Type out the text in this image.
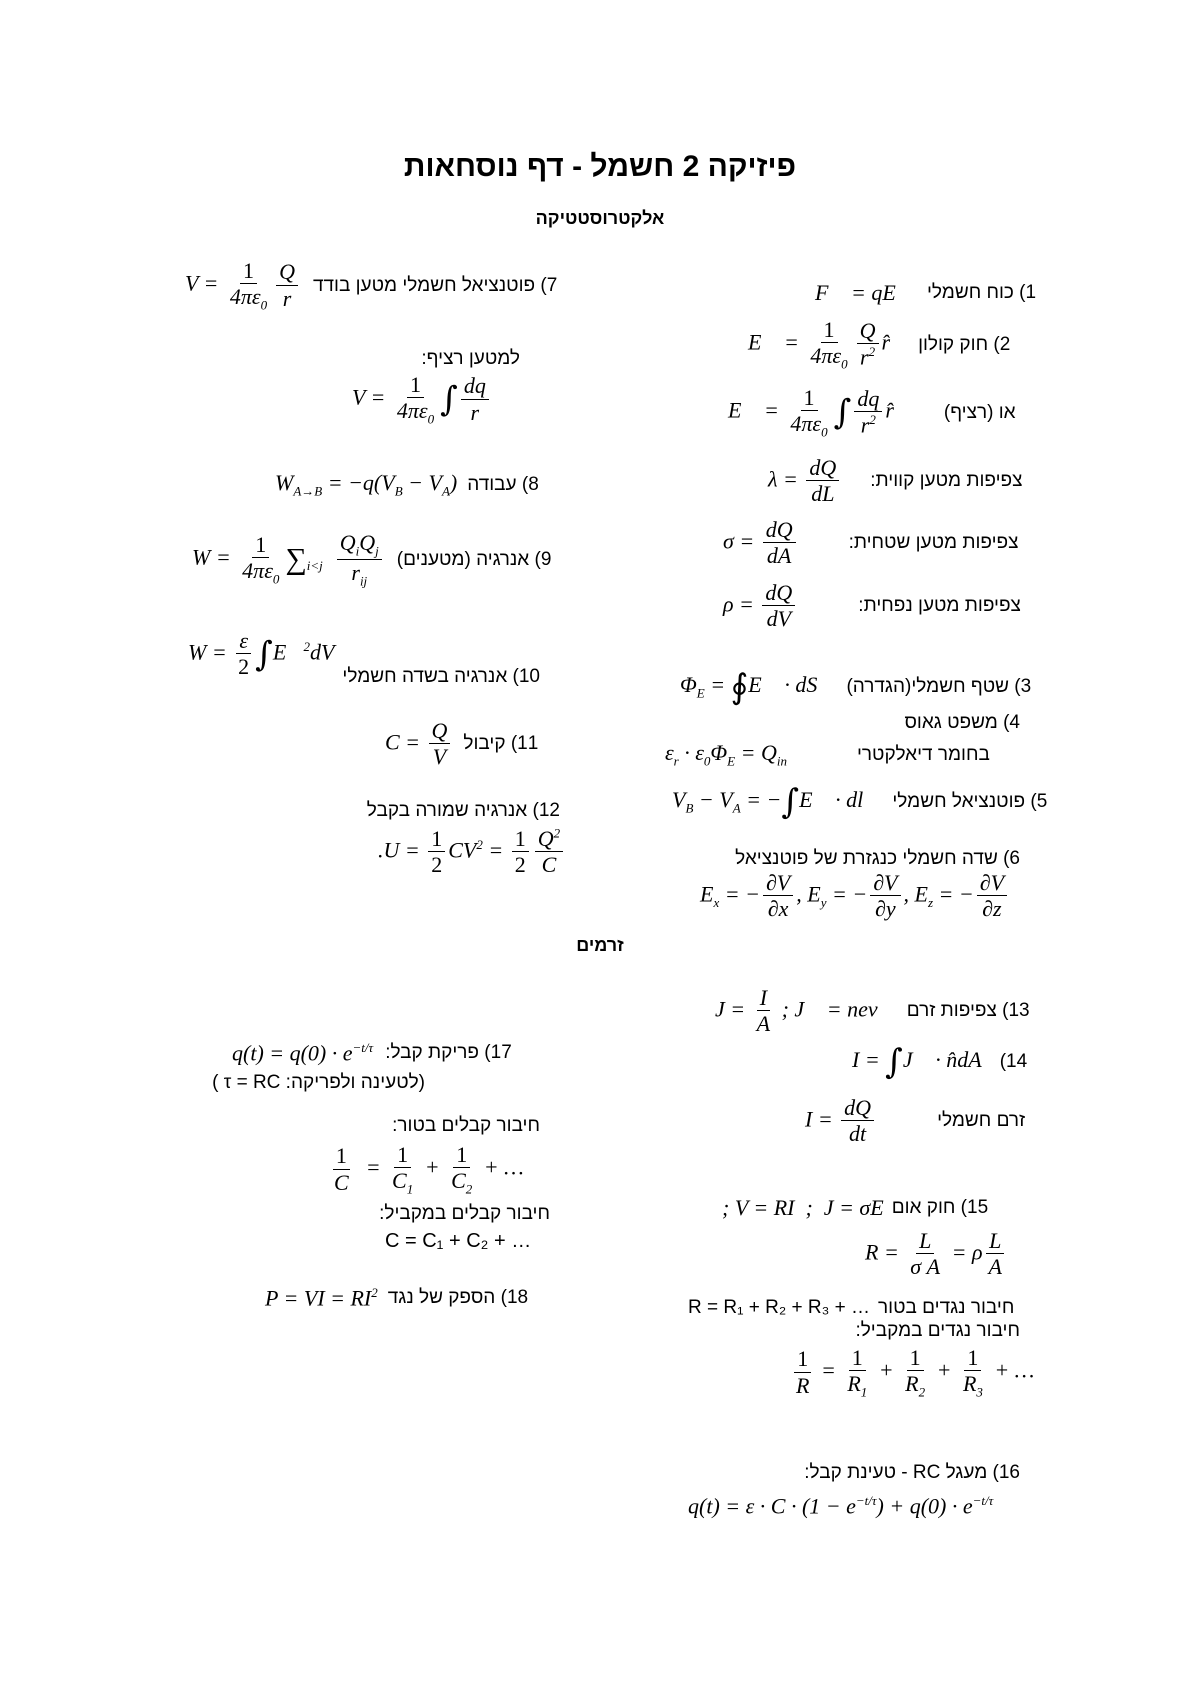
פיזיקה 2 חשמל - דף נוסחאות
אלקטרוסטטיקה
זרמים
F⃗ = qE⃗ 1) כוח חשמלי
E⃗ = $\frac{1}{4\pi\varepsilon_0} \frac{Q}{r^2}$ r̂ 2) חוק קולון
E⃗ = $\frac{1}{4\pi\varepsilon_0}$ ∫ $\frac{dq}{r^2}$ r̂	או (רציף)
$\lambda = \frac{dQ}{dL}$ צפיפות מטען קווית:
$\sigma = \frac{dQ}{dA}$	צפיפות מטען שטחית:
$\rho = \frac{dQ}{dV}$	צפיפות מטען נפחית:
$\Phi_E$ = ∮E⃗ · dS⃗ 3) שטף חשמלי(הגדרה)
4) משפט גאוס
$\varepsilon_r \cdot \varepsilon_0\Phi_E = Q_{in}$	בחומר דיאלקטרי
$V_B - V_A$ = −∫E⃗ · dl⃗ 5) פוטנציאל חשמלי
6) שדה חשמלי כנגזרת של פוטנציאל
$E_x$ = − $\frac{\partial V}{\partial x}$ , $E_y$ = − $\frac{\partial V}{\partial y}$ , $E_z$ = − $\frac{\partial V}{\partial z}$
$J = \frac{I}{A}$ ; J⃗ = nev⃗ 13) צפיפות זרם
I = ∫J⃗ · n̂dA (14
$I = \frac{dQ}{dt}$	זרם חשמלי
; V = RI  ;  J = σE 15) חוק אום
$R = \frac{L}{\text{σ A}} = \rho \frac{L}{A}$
R = R₁ + R₂ + R₃ + … חיבור נגדים בטור
חיבור נגדים במקביל:
$\frac{1}{R} = \frac{1}{R_1} + \frac{1}{R_2} + \frac{1}{R_3}$ + …
16) מעגל RC - טעינת קבל:
$q(t) = \varepsilon \cdot C \cdot (1 - e^{-t/\tau}) + q(0) \cdot e^{-t/\tau}$
$V = \frac{1}{4\pi\varepsilon_0} \frac{Q}{r} 7$) פוטנציאל חשמלי מטען בודד
למטען רציף:
$V = \frac{1}{4\pi\varepsilon_0}$ ∫ $\frac{dq}{r}$
$W_{A\to B} = -q(V_B - V_A)$ 8) עבודה
$W = \frac{1}{4\pi\varepsilon_0} \sum_{i<j} \frac{Q_iQ_j}{r_{ij}} 9$) אנרגיה (מטענים)
$W = \frac{\varepsilon}{2}$ ∫E⃗$^2$dV
10) אנרגיה בשדה חשמלי
$C = \frac{Q}{V} 11$) קיבול
12) אנרגיה שמורה בקבל
$.U = \frac{1}{2} CV^2 = \frac{1}{2} \frac{Q^2}{C}$
$q(t) = q(0) \cdot e^{-t/\tau}$ 17) פריקת קבל:
(לטעינה ולפריקה: τ = RC )
חיבור קבלים בטור:
$\frac{1}{C} = \frac{1}{C_1} + \frac{1}{C_2}$ + …
חיבור קבלים במקביל:
C = C₁ + C₂ + …
P = VI = $RI^2$ 18) הספק של נגד
